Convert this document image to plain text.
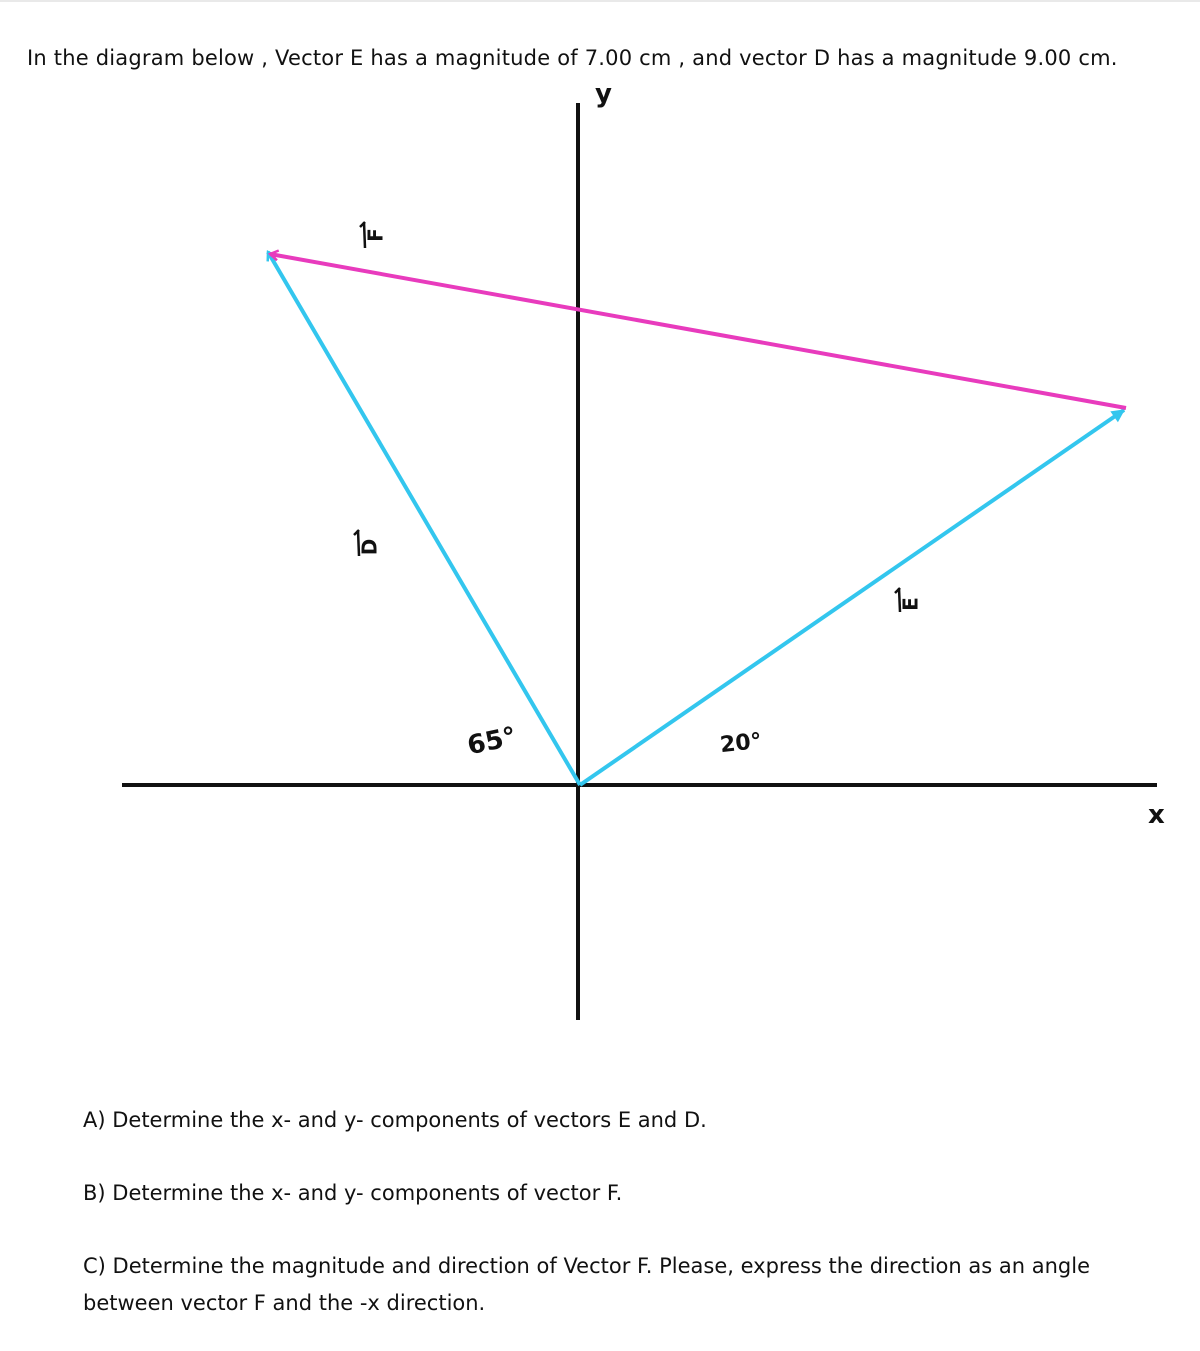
In the diagram below , Vector E has a magnitude of 7.00 cm , and vector D has a magnitude 9.00 cm.
y
x
F
D
E
65°	20°
A) Determine the x- and y- components of vectors E and D.
B) Determine the x- and y- components of vector F.
C) Determine the magnitude and direction of Vector F. Please, express the direction as an angle between vector F and the -x direction.
